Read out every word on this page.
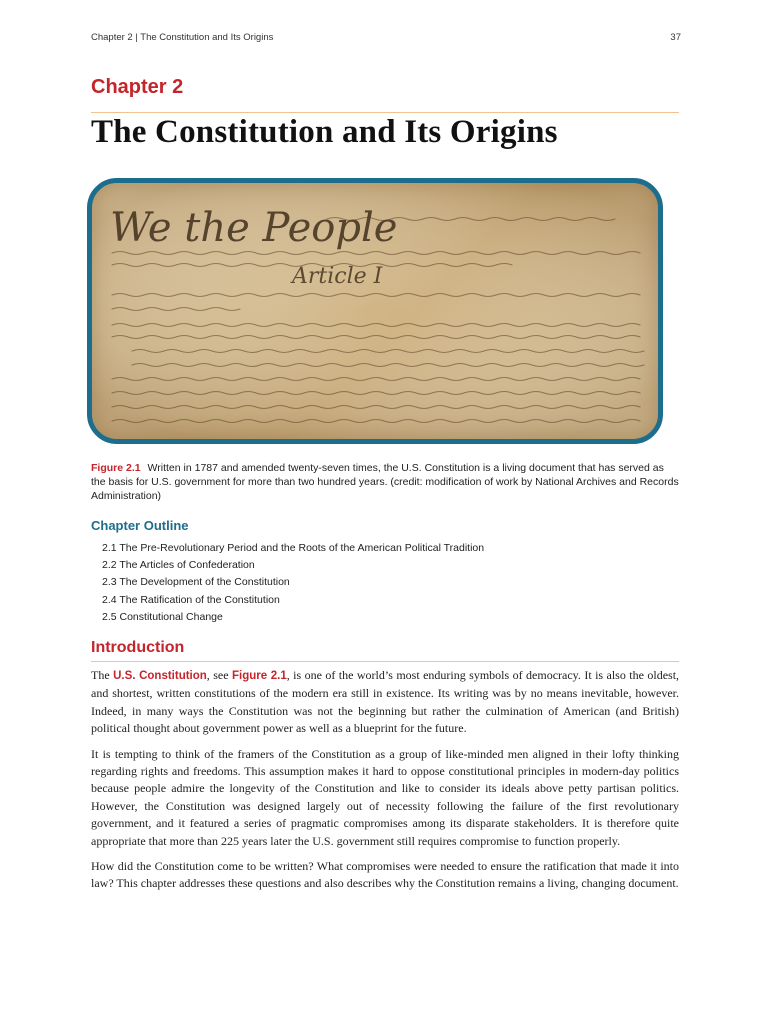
Chapter 2 | The Constitution and Its Origins	37
Chapter 2
The Constitution and Its Origins
We the People
Article I
Figure 2.1 Written in 1787 and amended twenty-seven times, the U.S. Constitution is a living document that has served as the basis for U.S. government for more than two hundred years. (credit: modification of work by National Archives and Records Administration)
Chapter Outline
2.1 The Pre-Revolutionary Period and the Roots of the American Political Tradition
2.2 The Articles of Confederation
2.3 The Development of the Constitution
2.4 The Ratification of the Constitution
2.5 Constitutional Change
Introduction

The U.S. Constitution, see Figure 2.1, is one of the world’s most enduring symbols of democracy. It is also the oldest, and shortest, written constitutions of the modern era still in existence. Its writing was by no means inevitable, however. Indeed, in many ways the Constitution was not the beginning but rather the culmination of American (and British) political thought about government power as well as a blueprint for the future.

It is tempting to think of the framers of the Constitution as a group of like-minded men aligned in their lofty thinking regarding rights and freedoms. This assumption makes it hard to oppose constitutional principles in modern-day politics because people admire the longevity of the Constitution and like to consider its ideals above petty partisan politics. However, the Constitution was designed largely out of necessity following the failure of the first revolutionary government, and it featured a series of pragmatic compromises among its disparate stakeholders. It is therefore quite appropriate that more than 225 years later the U.S. government still requires compromise to function properly.

How did the Constitution come to be written? What compromises were needed to ensure the ratification that made it into law? This chapter addresses these questions and also describes why the Constitution remains a living, changing document.
